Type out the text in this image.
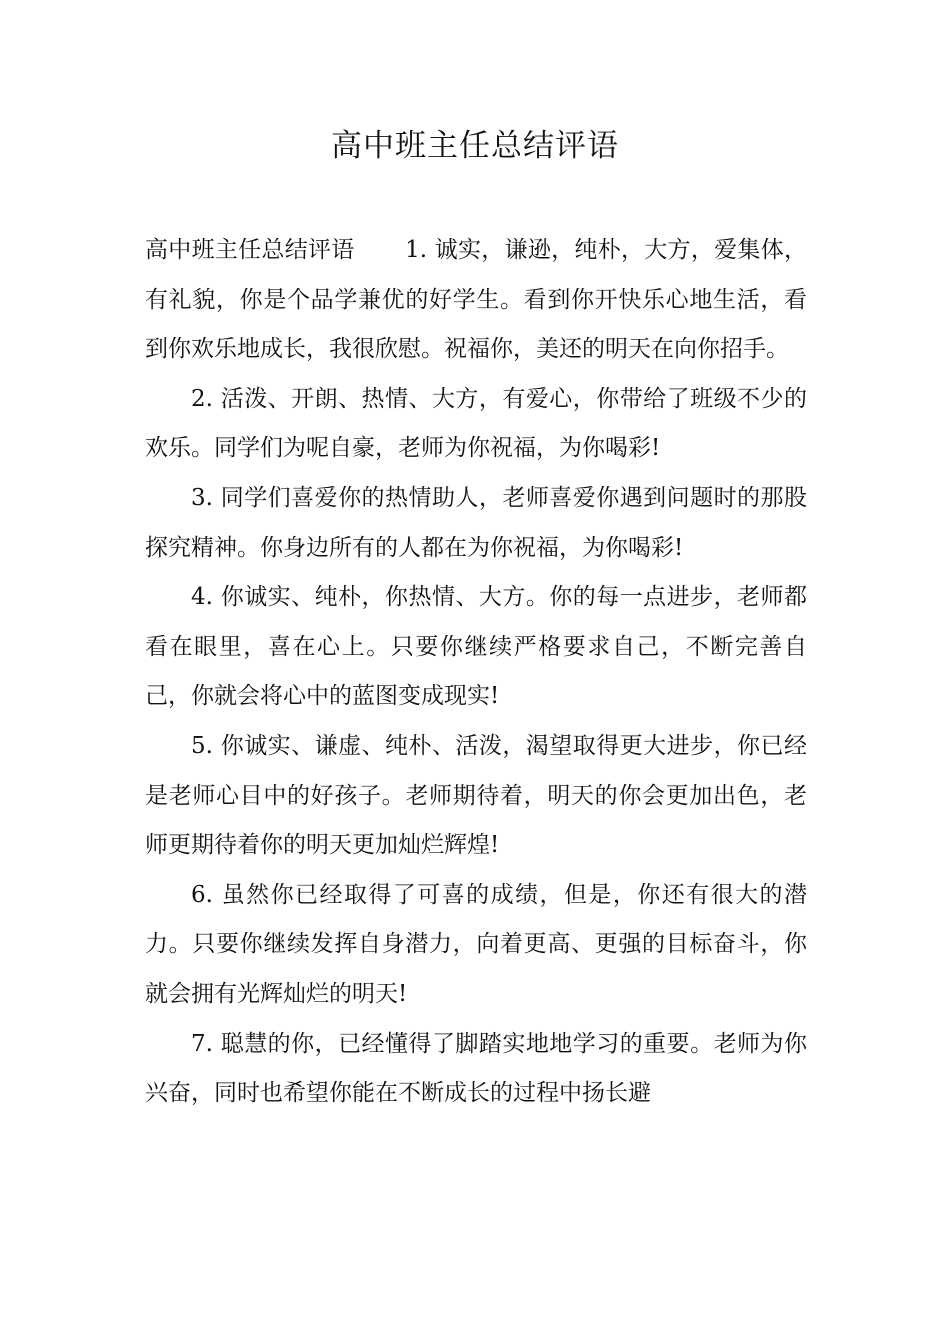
高中班主任总结评语

高中班主任总结评语 1. 诚实，谦逊，纯朴，大方，爱集体，有礼貌，你是个品学兼优的好学生。看到你开快乐心地生活，看到你欢乐地成长，我很欣慰。祝福你，美还的明天在向你招手。

2. 活泼、开朗、热情、大方，有爱心，你带给了班级不少的欢乐。同学们为呢自豪，老师为你祝福，为你喝彩!

3. 同学们喜爱你的热情助人，老师喜爱你遇到问题时的那股探究精神。你身边所有的人都在为你祝福，为你喝彩!

4. 你诚实、纯朴，你热情、大方。你的每一点进步，老师都看在眼里，喜在心上。只要你继续严格要求自己，不断完善自己，你就会将心中的蓝图变成现实!

5. 你诚实、谦虚、纯朴、活泼，渴望取得更大进步，你已经是老师心目中的好孩子。老师期待着，明天的你会更加出色，老师更期待着你的明天更加灿烂辉煌!

6. 虽然你已经取得了可喜的成绩，但是，你还有很大的潜力。只要你继续发挥自身潜力，向着更高、更强的目标奋斗，你就会拥有光辉灿烂的明天!

7. 聪慧的你，已经懂得了脚踏实地地学习的重要。老师为你兴奋，同时也希望你能在不断成长的过程中扬长避
